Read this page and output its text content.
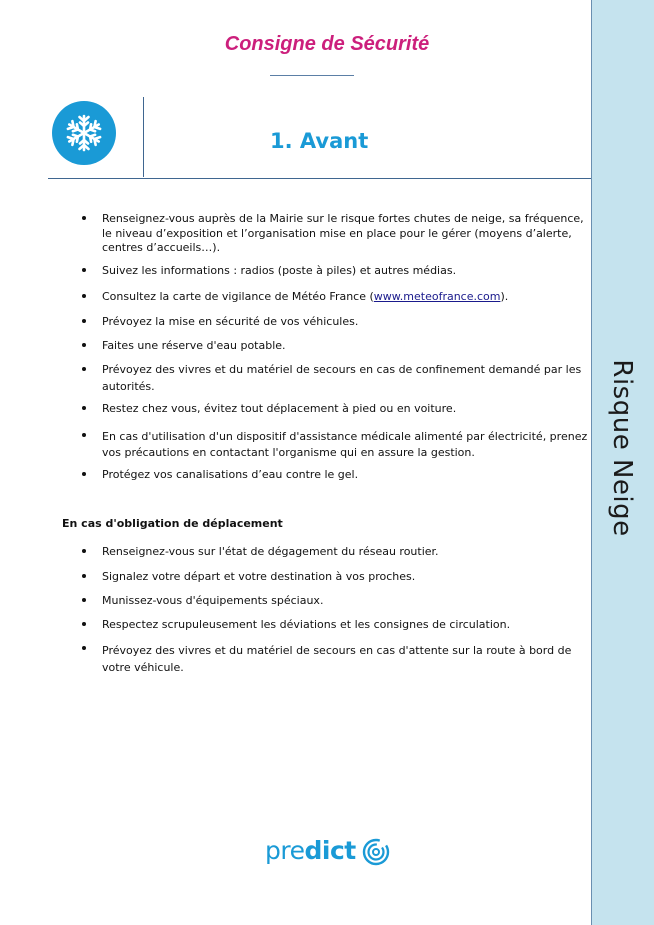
Risque Neige
Consigne de Sécurité
1. Avant
Renseignez-vous auprès de la Mairie sur le risque fortes chutes de neige, sa fréquence, le niveau d’exposition et l’organisation mise en place pour le gérer (moyens d’alerte, centres d’accueils…).
Suivez les informations : radios (poste à piles) et autres médias.
Consultez la carte de vigilance de Météo France (www.meteofrance.com).
Prévoyez la mise en sécurité de vos véhicules.
Faites une réserve d'eau potable.
Prévoyez des vivres et du matériel de secours en cas de confinement demandé par les autorités.
Restez chez vous, évitez tout déplacement à pied ou en voiture.
En cas d'utilisation d'un dispositif d'assistance médicale alimenté par électricité, prenez vos précautions en contactant l'organisme qui en assure la gestion.
Protégez vos canalisations d’eau contre le gel.
En cas d'obligation de déplacement
Renseignez-vous sur l'état de dégagement du réseau routier.
Signalez votre départ et votre destination à vos proches.
Munissez-vous d'équipements spéciaux.
Respectez scrupuleusement les déviations et les consignes de circulation.
Prévoyez des vivres et du matériel de secours en cas d'attente sur la route à bord de votre véhicule.
predict
